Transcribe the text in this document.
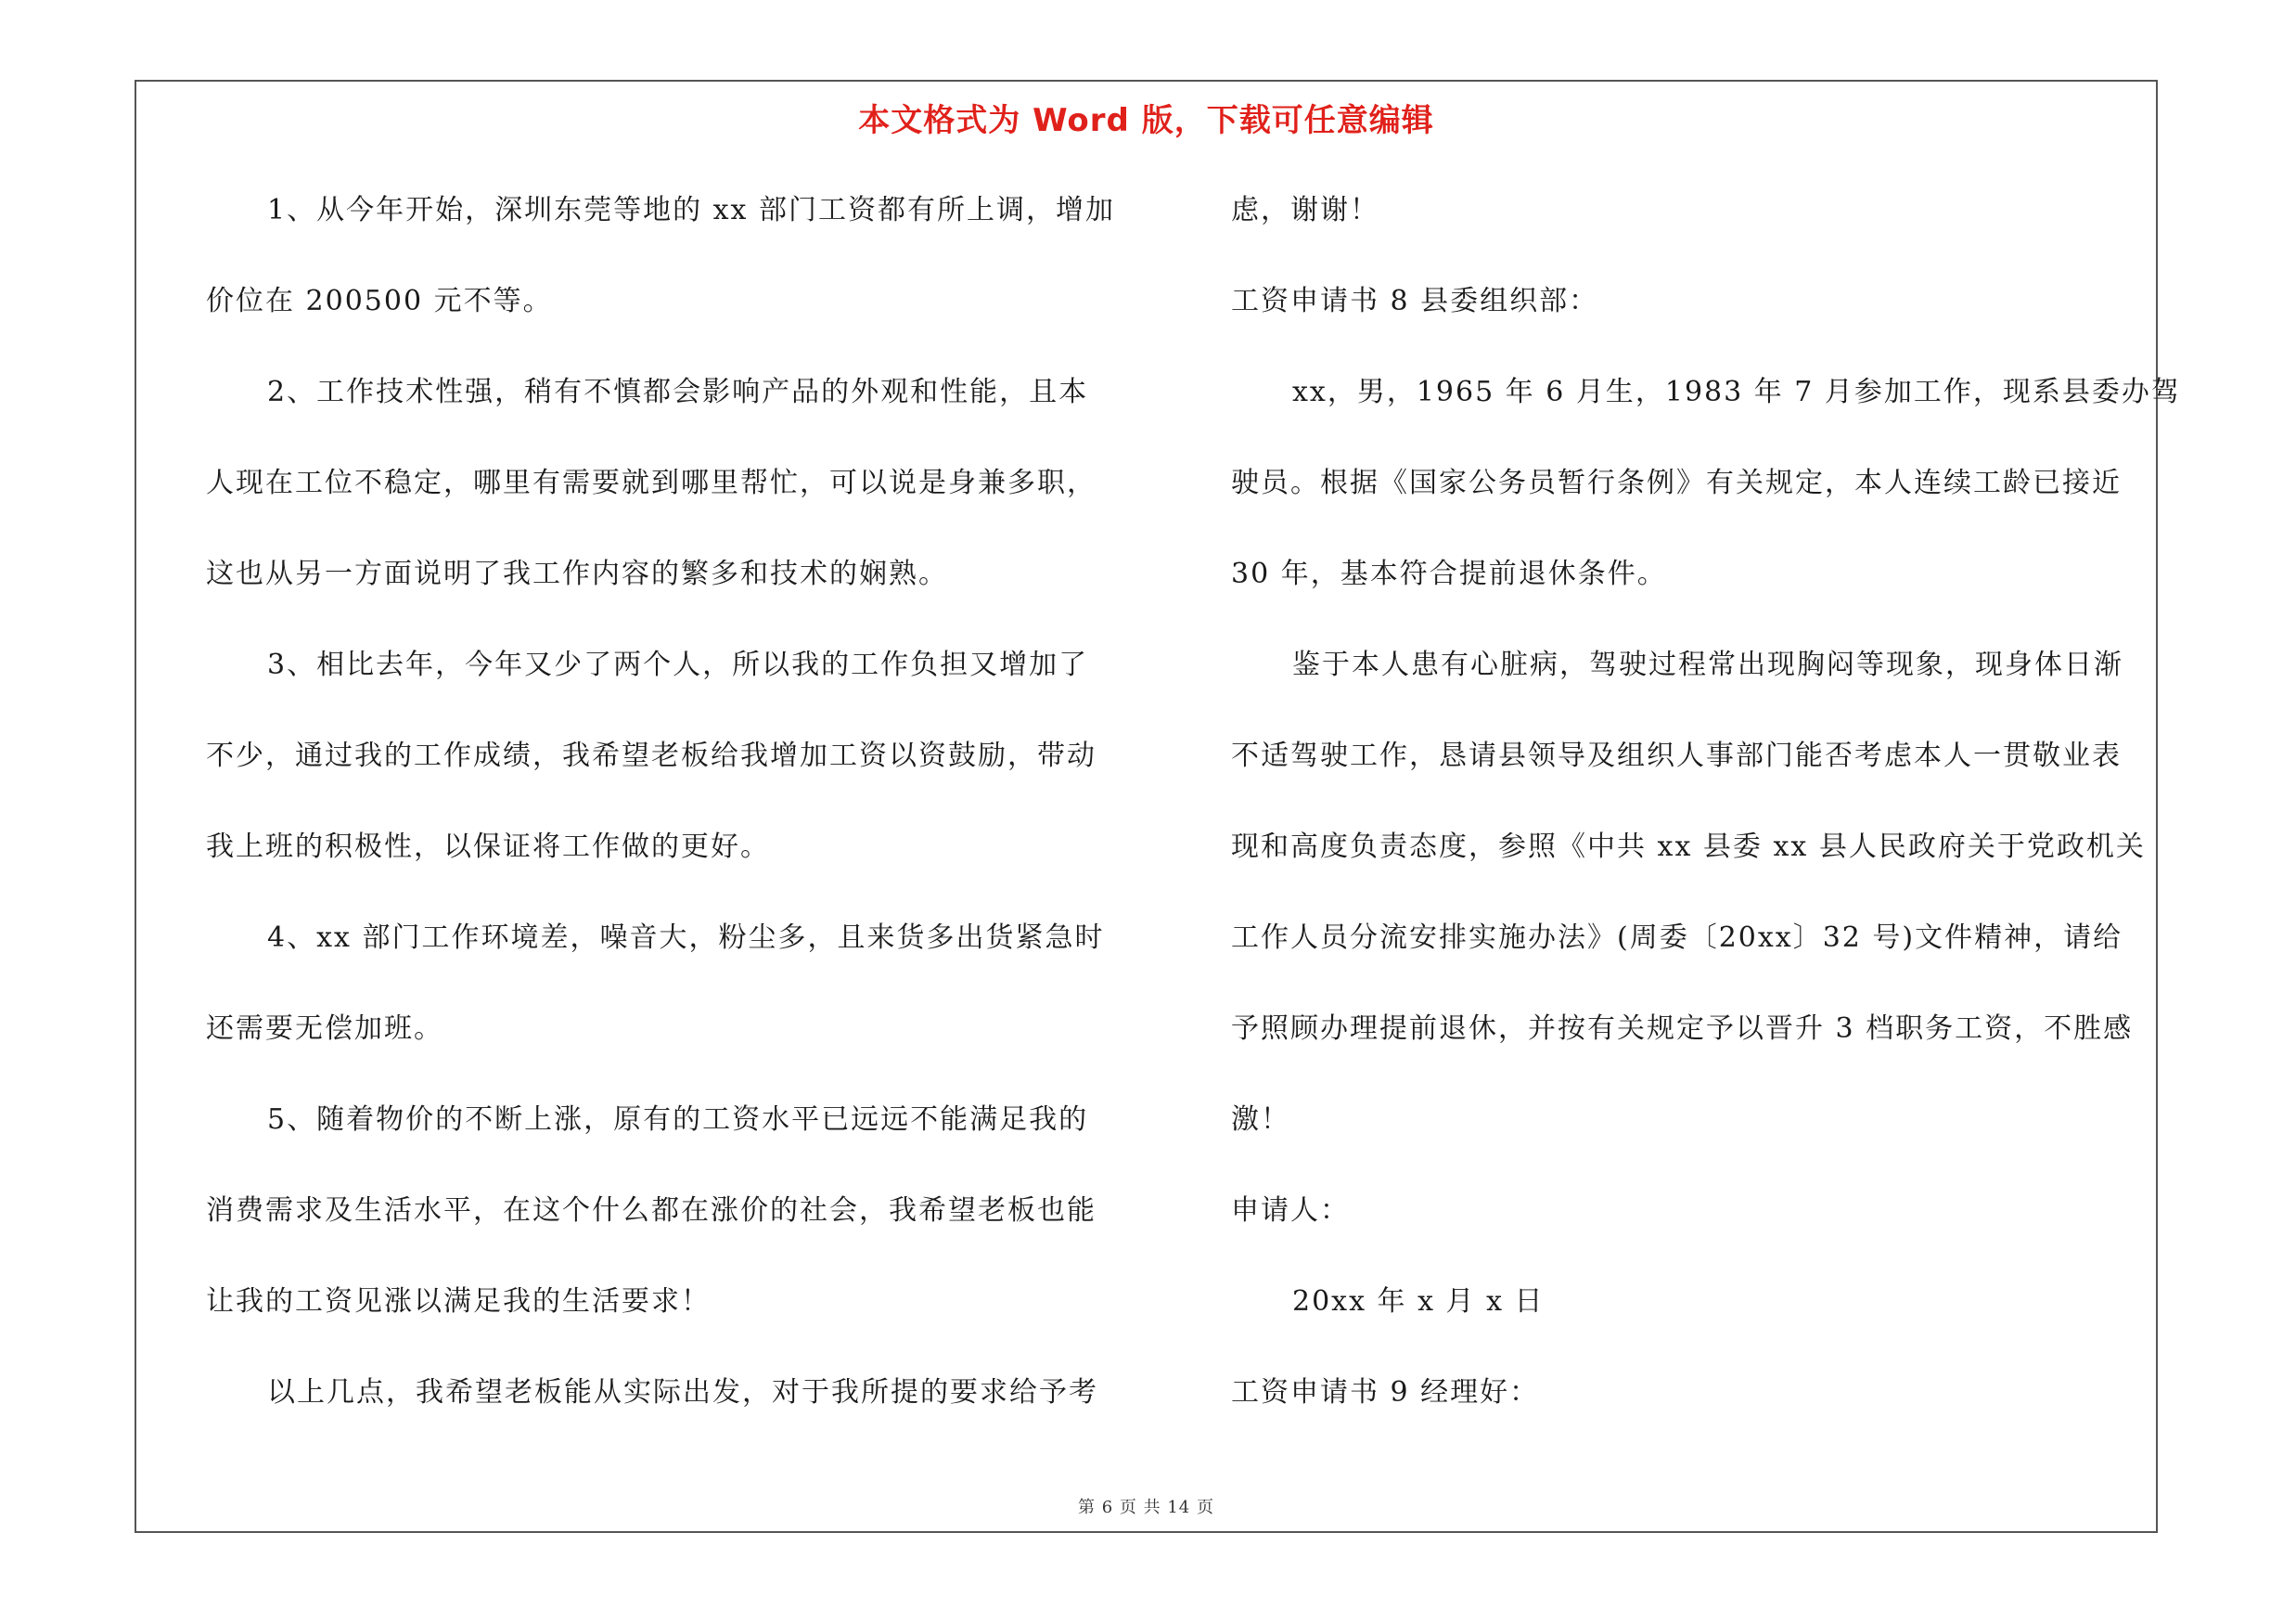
本文格式为 Word 版，下载可任意编辑
1、从今年开始，深圳东莞等地的 xx 部门工资都有所上调，增加
价位在 200500 元不等。
2、工作技术性强，稍有不慎都会影响产品的外观和性能，且本
人现在工位不稳定，哪里有需要就到哪里帮忙，可以说是身兼多职，
这也从另一方面说明了我工作内容的繁多和技术的娴熟。
3、相比去年，今年又少了两个人，所以我的工作负担又增加了
不少，通过我的工作成绩，我希望老板给我增加工资以资鼓励，带动
我上班的积极性，以保证将工作做的更好。
4、xx 部门工作环境差，噪音大，粉尘多，且来货多出货紧急时
还需要无偿加班。
5、随着物价的不断上涨，原有的工资水平已远远不能满足我的
消费需求及生活水平，在这个什么都在涨价的社会，我希望老板也能
让我的工资见涨以满足我的生活要求！
以上几点，我希望老板能从实际出发，对于我所提的要求给予考
虑，谢谢！
工资申请书 8 县委组织部：
xx，男，1965 年 6 月生，1983 年 7 月参加工作，现系县委办驾
驶员。根据《国家公务员暂行条例》有关规定，本人连续工龄已接近
30 年，基本符合提前退休条件。
鉴于本人患有心脏病，驾驶过程常出现胸闷等现象，现身体日渐
不适驾驶工作，恳请县领导及组织人事部门能否考虑本人一贯敬业表
现和高度负责态度，参照《中共 xx 县委 xx 县人民政府关于党政机关
工作人员分流安排实施办法》(周委〔20xx〕32 号)文件精神，请给
予照顾办理提前退休，并按有关规定予以晋升 3 档职务工资，不胜感
激！
申请人：
20xx 年 x 月 x 日
工资申请书 9 经理好：
第 6 页 共 14 页
